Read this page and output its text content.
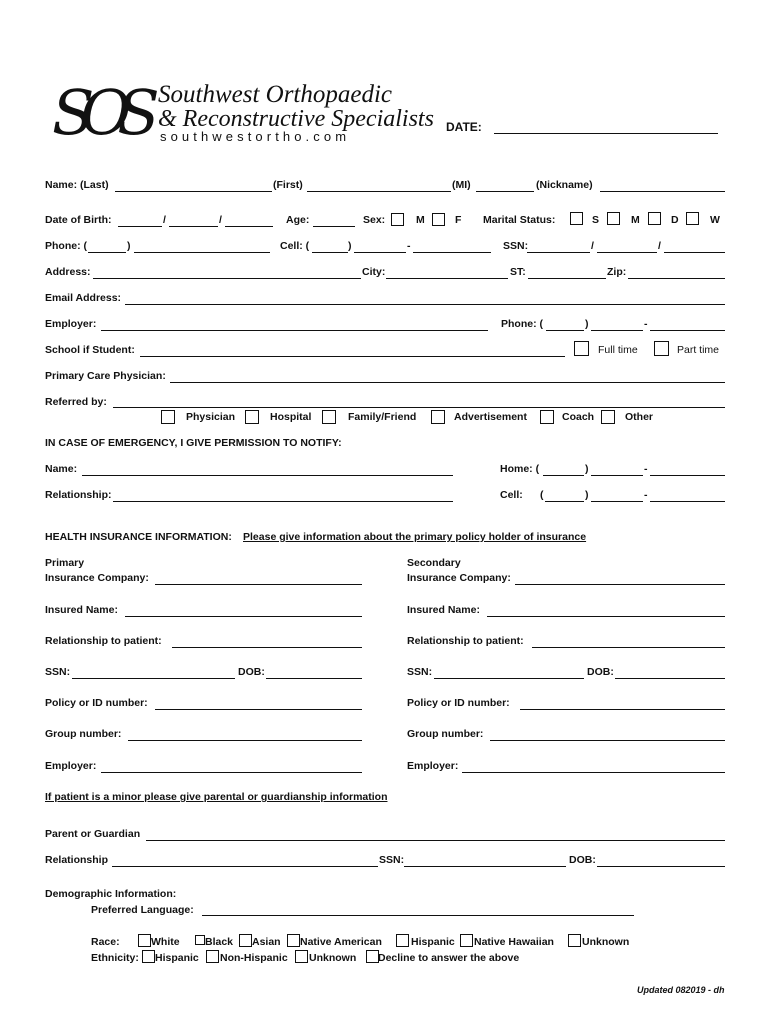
SOS Southwest Orthopaedic
& Reconstructive Specialists
southwestortho.com
DATE:
Name: (Last)	(First)	(MI)	(Nickname)
Date of Birth:	/	/	Age:	Sex:	M	F Marital Status:	S	M	D	W
Phone: (	)	Cell: (	)	-	SSN:	/	/
Address:	City:	ST:	Zip:
Email Address:
Employer:	Phone: (	)	-
School if Student:	Full time	Part time
Primary Care Physician:
Referred by:
Physician	Hospital	Family/Friend	Advertisement	Coach	Other
IN CASE OF EMERGENCY, I GIVE PERMISSION TO NOTIFY:
Name:	Home: (	)	-
Relationship:	Cell: (	)	-
HEALTH INSURANCE INFORMATION: Please give information about the primary policy holder of insurance
Primary	Secondary
Insurance Company:	Insurance Company:
Insured Name:	Insured Name:
Relationship to patient:	Relationship to patient:
SSN:	DOB:	SSN:	DOB:
Policy or ID number:	Policy or ID number:
Group number:	Group number:
Employer:	Employer:
If patient is a minor please give parental or guardianship information
Parent or Guardian
Relationship	SSN:	DOB:
Demographic Information:
Preferred Language:
Race:	White Black Asian Native American	Hispanic Native Hawaiian	Unknown
Ethnicity: Hispanic Non-Hispanic Unknown Decline to answer the above
Updated 082019 - dh
